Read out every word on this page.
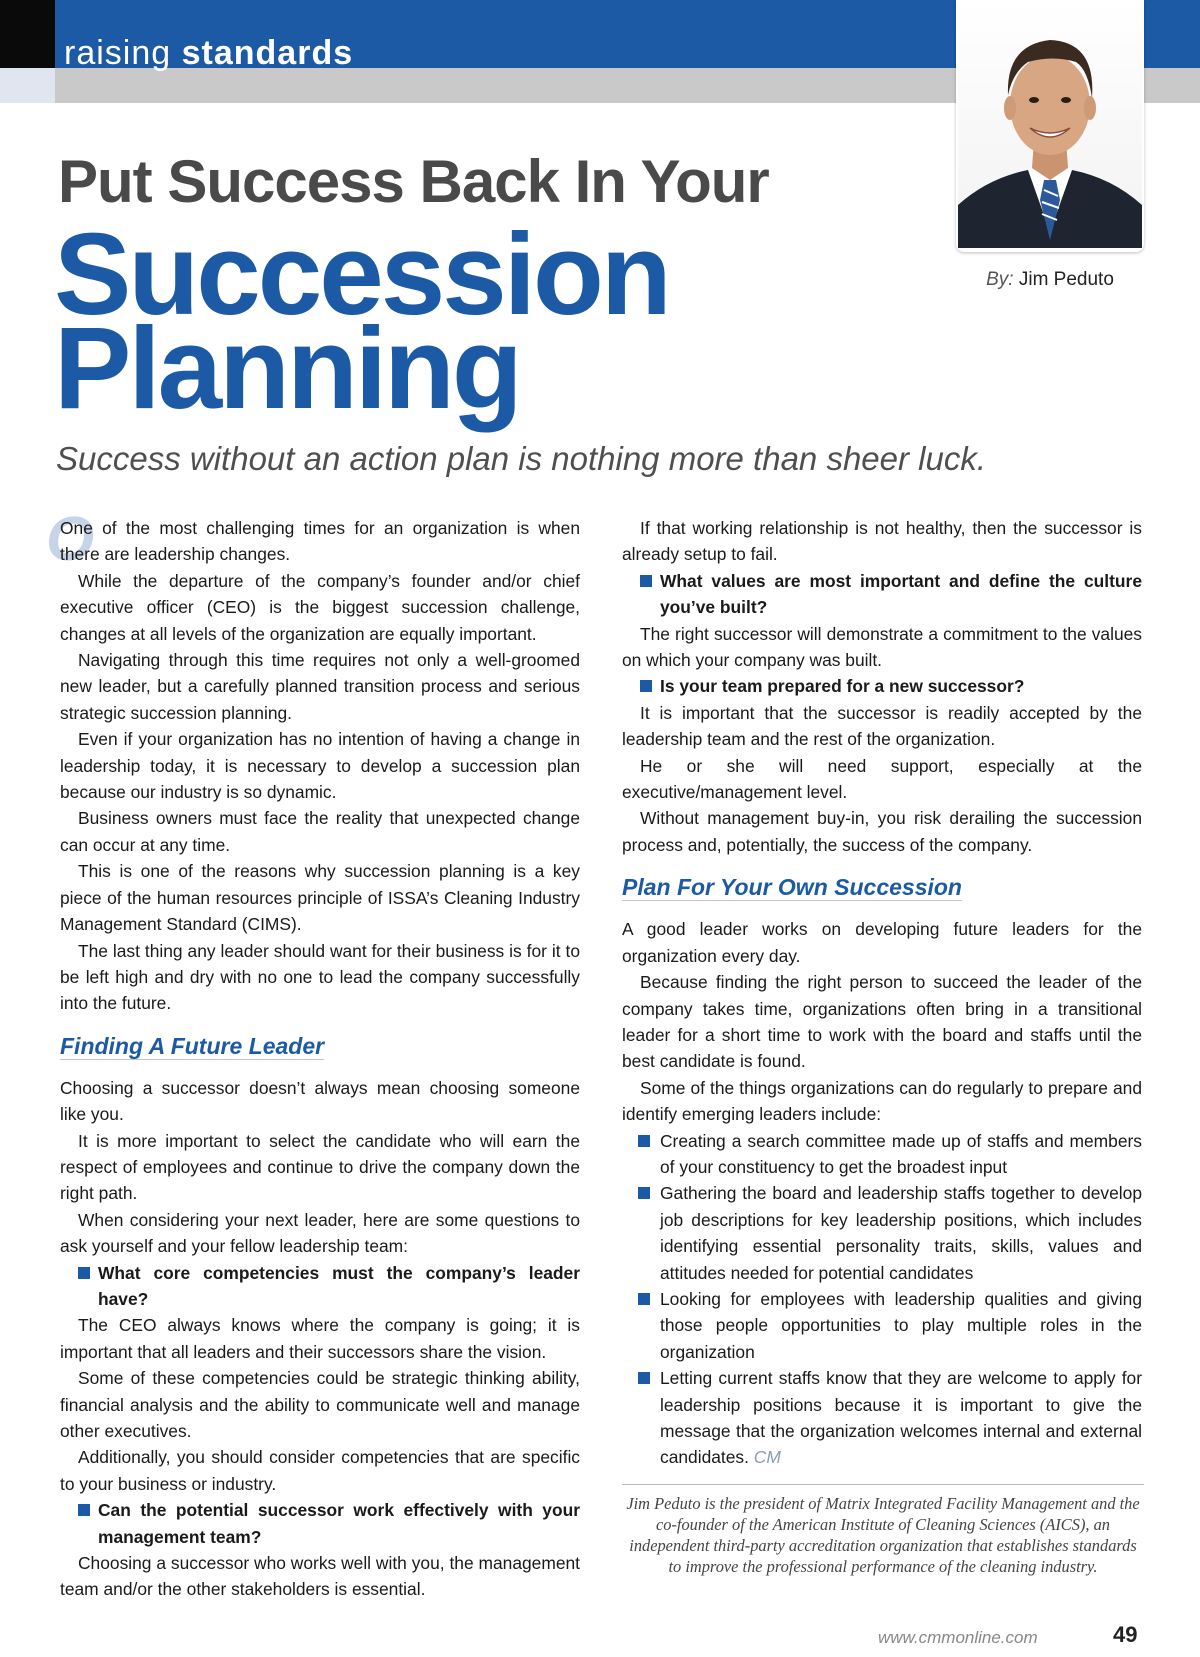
raising standards
By: Jim Peduto
Put Success Back In Your
Succession
Planning
Success without an action plan is nothing more than sheer luck.

O
One of the most challenging times for an organization is when there are leadership changes.

While the departure of the company’s founder and/or chief executive officer (CEO) is the biggest succession challenge, changes at all levels of the organization are equally important.

Navigating through this time requires not only a well-groomed new leader, but a carefully planned transition process and serious strategic succession planning.

Even if your organization has no intention of having a change in leadership today, it is necessary to develop a succession plan because our industry is so dynamic.

Business owners must face the reality that unexpected change can occur at any time.

This is one of the reasons why succession planning is a key piece of the human resources principle of ISSA’s Cleaning Industry Management Standard (CIMS).

The last thing any leader should want for their business is for it to be left high and dry with no one to lead the company successfully into the future.

Finding A Future Leader

Choosing a successor doesn’t always mean choosing someone like you.

It is more important to select the candidate who will earn the respect of employees and continue to drive the company down the right path.

When considering your next leader, here are some questions to ask yourself and your fellow leadership team:

What core competencies must the company’s leader have?

The CEO always knows where the company is going; it is important that all leaders and their successors share the vision.

Some of these competencies could be strategic thinking ability, financial analysis and the ability to communicate well and manage other executives.

Additionally, you should consider competencies that are specific to your business or industry.

Can the potential successor work effectively with your management team?

Choosing a successor who works well with you, the management team and/or the other stakeholders is essential.

If that working relationship is not healthy, then the successor is already setup to fail.

What values are most important and define the culture you’ve built?

The right successor will demonstrate a commitment to the values on which your company was built.

Is your team prepared for a new successor?

It is important that the successor is readily accepted by the leadership team and the rest of the organization.

He or she will need support, especially at the executive/management level.

Without management buy-in, you risk derailing the succession process and, potentially, the success of the company.

Plan For Your Own Succession

A good leader works on developing future leaders for the organization every day.

Because finding the right person to succeed the leader of the company takes time, organizations often bring in a transitional leader for a short time to work with the board and staffs until the best candidate is found.

Some of the things organizations can do regularly to prepare and identify emerging leaders include:

Creating a search committee made up of staffs and members of your constituency to get the broadest input
Gathering the board and leadership staffs together to develop job descriptions for key leadership positions, which includes identifying essential personality traits, skills, values and attitudes needed for potential candidates
Looking for employees with leadership qualities and giving those people opportunities to play multiple roles in the organization
Letting current staffs know that they are welcome to apply for leadership positions because it is important to give the message that the organization welcomes internal and external candidates. CM
Jim Peduto is the president of Matrix Integrated Facility Management and the co-founder of the American Institute of Cleaning Sciences (AICS), an independent third-party accreditation organization that establishes standards to improve the professional performance of the cleaning industry.
www.cmmonline.com	49
